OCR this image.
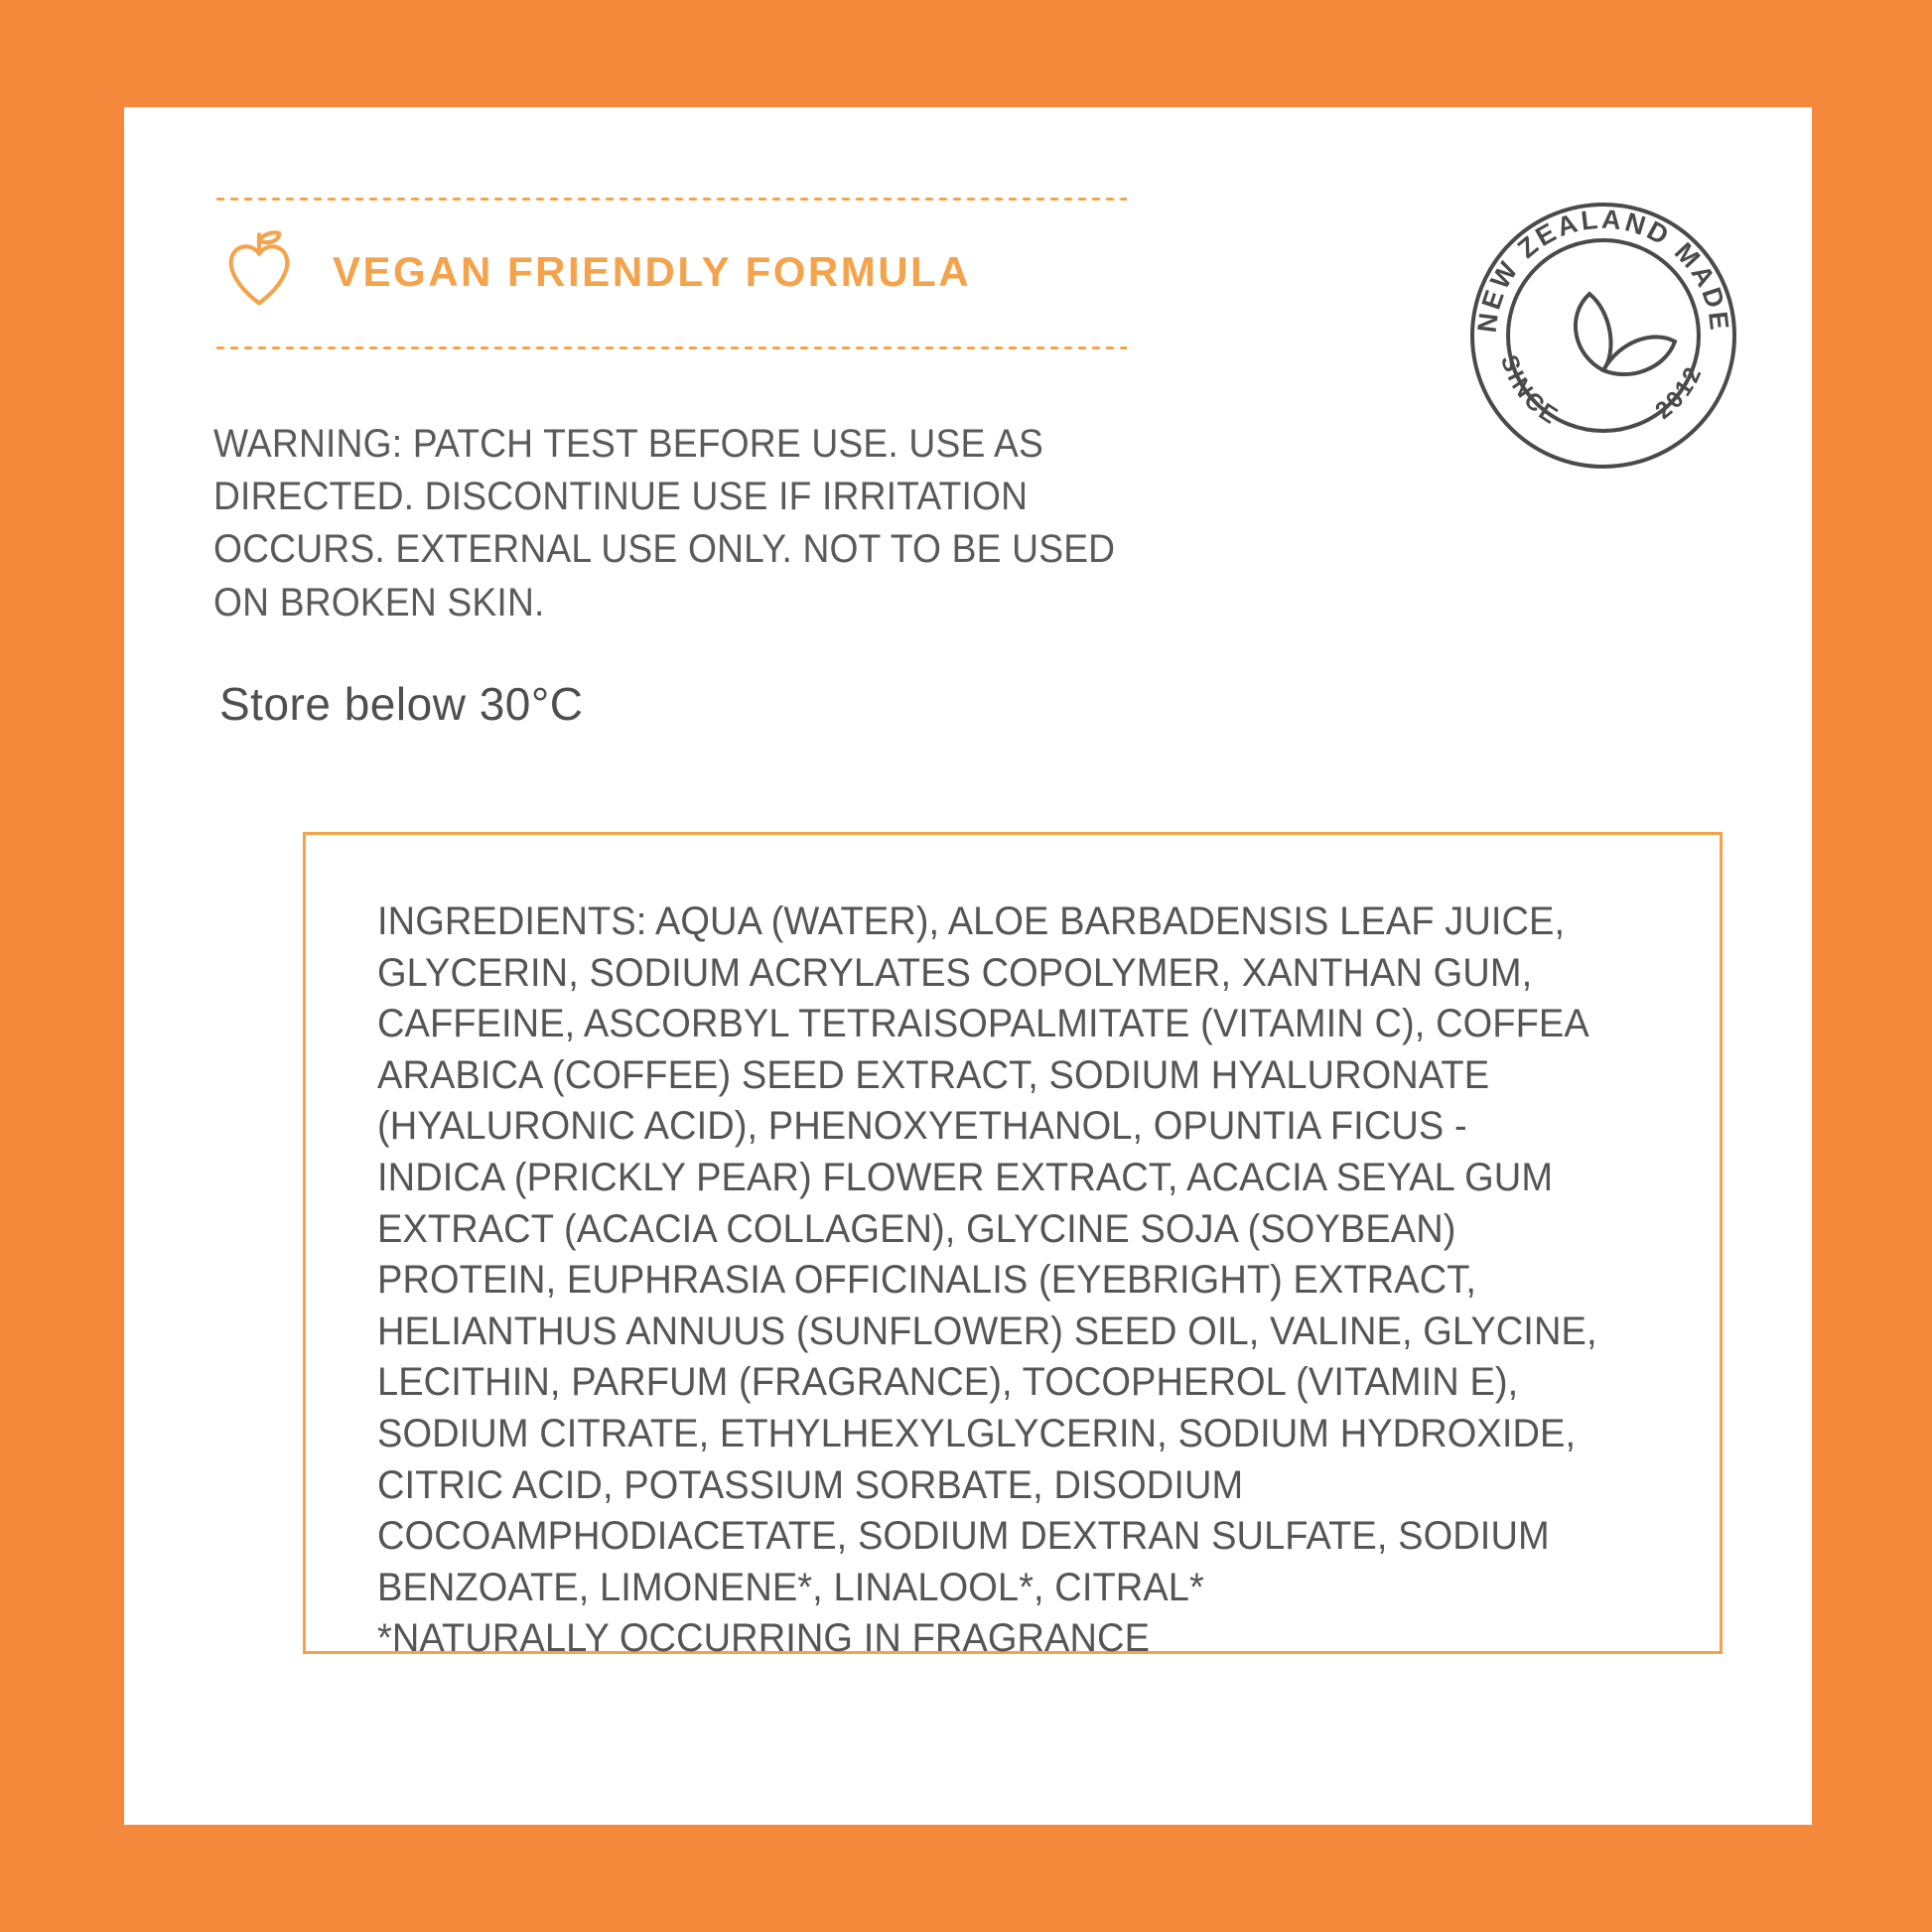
VEGAN FRIENDLY FORMULA
WARNING: PATCH TEST BEFORE USE. USE AS DIRECTED. DISCONTINUE USE IF IRRITATION OCCURS. EXTERNAL USE ONLY. NOT TO BE USED ON BROKEN SKIN.
Store below 30°C
INGREDIENTS: AQUA (WATER), ALOE BARBADENSIS LEAF JUICE, GLYCERIN, SODIUM ACRYLATES COPOLYMER, XANTHAN GUM, CAFFEINE, ASCORBYL TETRAISOPALMITATE (VITAMIN C), COFFEA ARABICA (COFFEE) SEED EXTRACT, SODIUM HYALURONATE (HYALURONIC ACID), PHENOXYETHANOL, OPUNTIA FICUS - INDICA (PRICKLY PEAR) FLOWER EXTRACT, ACACIA SEYAL GUM EXTRACT (ACACIA COLLAGEN), GLYCINE SOJA (SOYBEAN) PROTEIN, EUPHRASIA OFFICINALIS (EYEBRIGHT) EXTRACT, HELIANTHUS ANNUUS (SUNFLOWER) SEED OIL, VALINE, GLYCINE, LECITHIN, PARFUM (FRAGRANCE), TOCOPHEROL (VITAMIN E), SODIUM CITRATE, ETHYLHEXYLGLYCERIN, SODIUM HYDROXIDE, CITRIC ACID, POTASSIUM SORBATE, DISODIUM COCOAMPHODIACETATE, SODIUM DEXTRAN SULFATE, SODIUM BENZOATE, LIMONENE*, LINALOOL*, CITRAL*
*NATURALLY OCCURRING IN FRAGRANCE
NEW ZEALAND MADE
SINCE	2012
